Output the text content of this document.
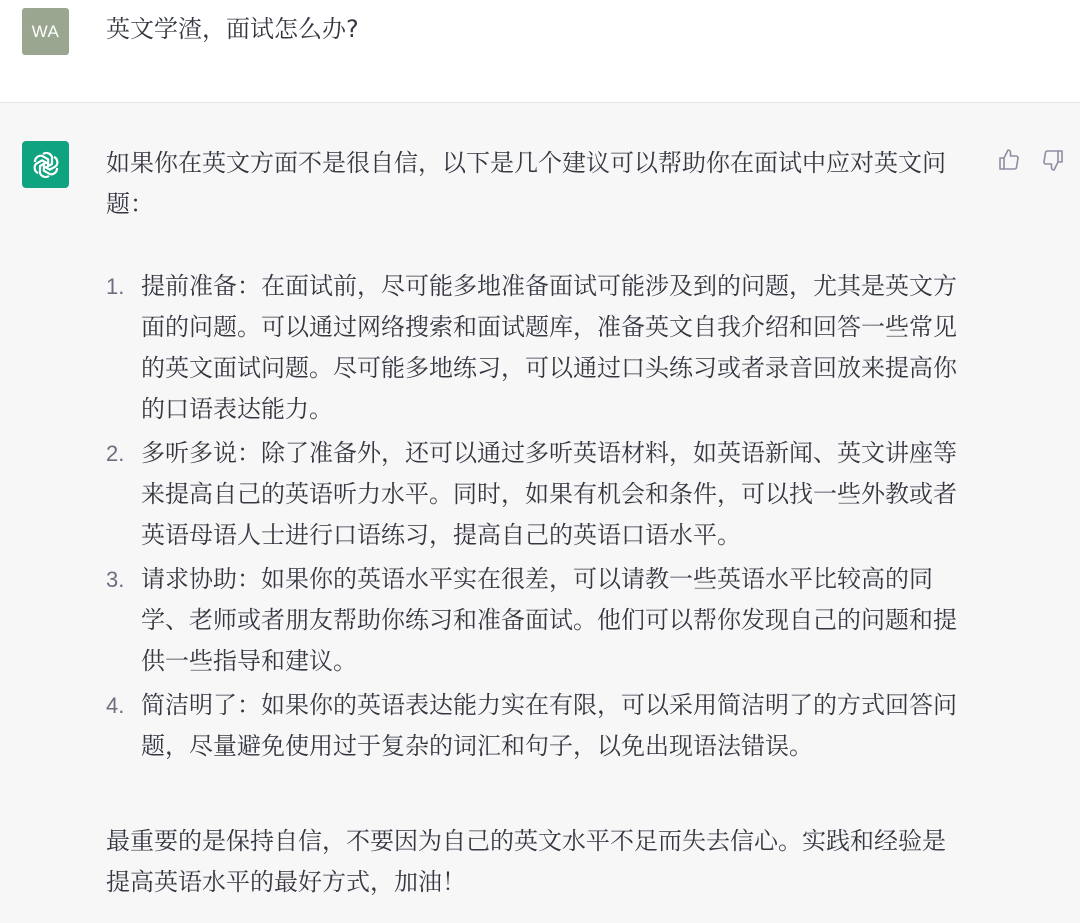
WA	英文学渣，面试怎么办?

如果你在英文方面不是很自信，以下是几个建议可以帮助你在面试中应对英文问题：

1. 提前准备：在面试前，尽可能多地准备面试可能涉及到的问题，尤其是英文方面的问题。可以通过网络搜索和面试题库，准备英文自我介绍和回答一些常见的英文面试问题。尽可能多地练习，可以通过口头练习或者录音回放来提高你的口语表达能力。
2. 多听多说：除了准备外，还可以通过多听英语材料，如英语新闻、英文讲座等来提高自己的英语听力水平。同时，如果有机会和条件，可以找一些外教或者英语母语人士进行口语练习，提高自己的英语口语水平。
3. 请求协助：如果你的英语水平实在很差，可以请教一些英语水平比较高的同学、老师或者朋友帮助你练习和准备面试。他们可以帮你发现自己的问题和提供一些指导和建议。
4. 简洁明了：如果你的英语表达能力实在有限，可以采用简洁明了的方式回答问题，尽量避免使用过于复杂的词汇和句子，以免出现语法错误。

最重要的是保持自信，不要因为自己的英文水平不足而失去信心。实践和经验是提高英语水平的最好方式，加油！
